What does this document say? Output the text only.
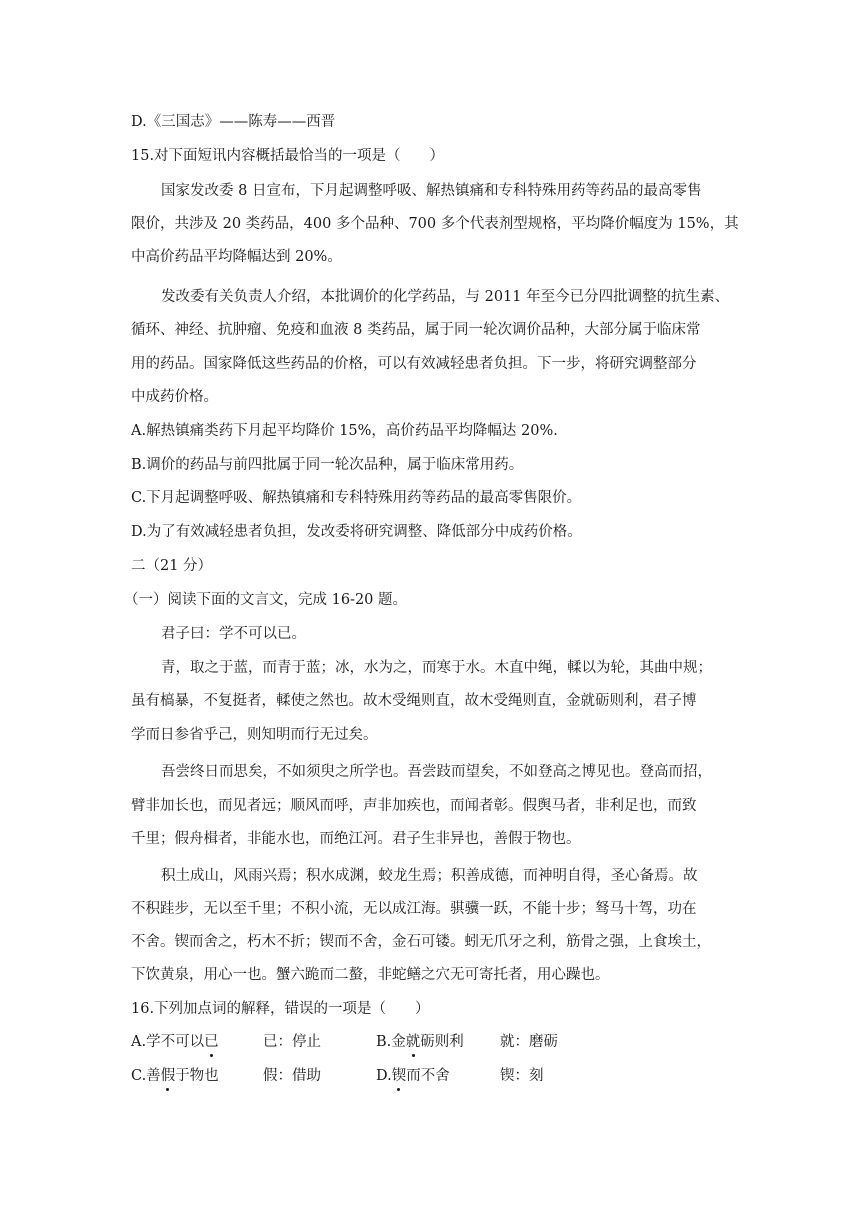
D.《三国志》——陈寿——西晋
15.对下面短讯内容概括最恰当的一项是（　　）
国家发改委 8 日宣布，下月起调整呼吸、解热镇痛和专科特殊用药等药品的最高零售
限价，共涉及 20 类药品，400 多个品种、700 多个代表剂型规格，平均降价幅度为 15%，其
中高价药品平均降幅达到 20%。
发改委有关负责人介绍，本批调价的化学药品，与 2011 年至今已分四批调整的抗生素、
循环、神经、抗肿瘤、免疫和血液 8 类药品，属于同一轮次调价品种，大部分属于临床常
用的药品。国家降低这些药品的价格，可以有效减轻患者负担。下一步，将研究调整部分
中成药价格。
A.解热镇痛类药下月起平均降价 15%，高价药品平均降幅达 20%.
B.调价的药品与前四批属于同一轮次品种，属于临床常用药。
C.下月起调整呼吸、解热镇痛和专科特殊用药等药品的最高零售限价。
D.为了有效减轻患者负担，发改委将研究调整、降低部分中成药价格。
二（21 分）
（一）阅读下面的文言文，完成 16-20 题。
君子曰：学不可以已。
青，取之于蓝，而青于蓝；冰，水为之，而寒于水。木直中绳，輮以为轮，其曲中规；
虽有槁暴，不复挺者，輮使之然也。故木受绳则直，故木受绳则直，金就砺则利，君子博
学而日参省乎己，则知明而行无过矣。
吾尝终日而思矣，不如须臾之所学也。吾尝跂而望矣，不如登高之博见也。登高而招，
臂非加长也，而见者远；顺风而呼，声非加疾也，而闻者彰。假舆马者，非利足也，而致
千里；假舟楫者，非能水也，而绝江河。君子生非异也，善假于物也。
积土成山，风雨兴焉；积水成渊，蛟龙生焉；积善成德，而神明自得，圣心备焉。故
不积跬步，无以至千里；不积小流，无以成江海。骐骥一跃，不能十步；驽马十驾，功在
不舍。锲而舍之，朽木不折；锲而不舍，金石可镂。蚓无爪牙之利，筋骨之强，上食埃土，
下饮黄泉，用心一也。蟹六跪而二螯，非蛇鳝之穴无可寄托者，用心躁也。
16.下列加点词的解释，错误的一项是（　　）
A.学不可以已	已：停止	B.金就砺则利 就：磨砺
C.善假于物也	假：借助	D.锲而不舍	锲：刻
